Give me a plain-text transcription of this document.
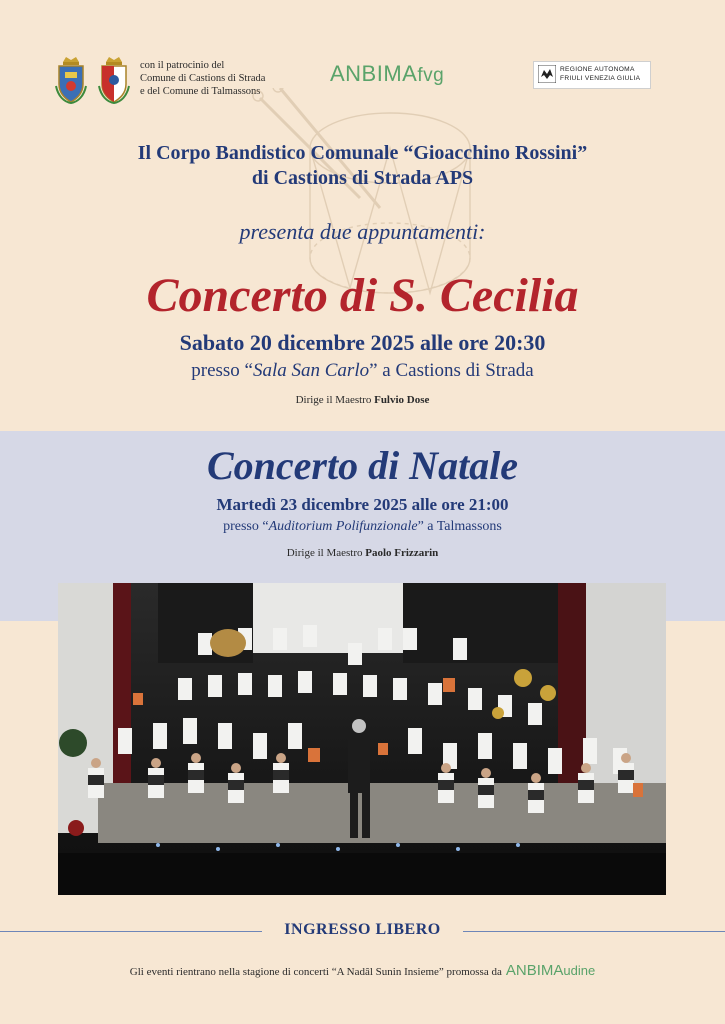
con il patrocinio del
Comune di Castions di Strada
e del Comune di Talmassons
ANBIMAfvg	REGIONE AUTONOMA
FRIULI VENEZIA GIULIA
Il Corpo Bandistico Comunale “Gioacchino Rossini”
di Castions di Strada APS
presenta due appuntamenti:
Concerto di S. Cecilia
Sabato 20 dicembre 2025 alle ore 20:30
presso “Sala San Carlo” a Castions di Strada
Dirige il Maestro Fulvio Dose
Concerto di Natale
Martedì 23 dicembre 2025 alle ore 21:00
presso “Auditorium Polifunzionale” a Talmassons
Dirige il Maestro Paolo Frizzarin
INGRESSO LIBERO
Gli eventi rientrano nella stagione di concerti “A Nadâl Sunin Insieme” promossa da ANBIMAudine
